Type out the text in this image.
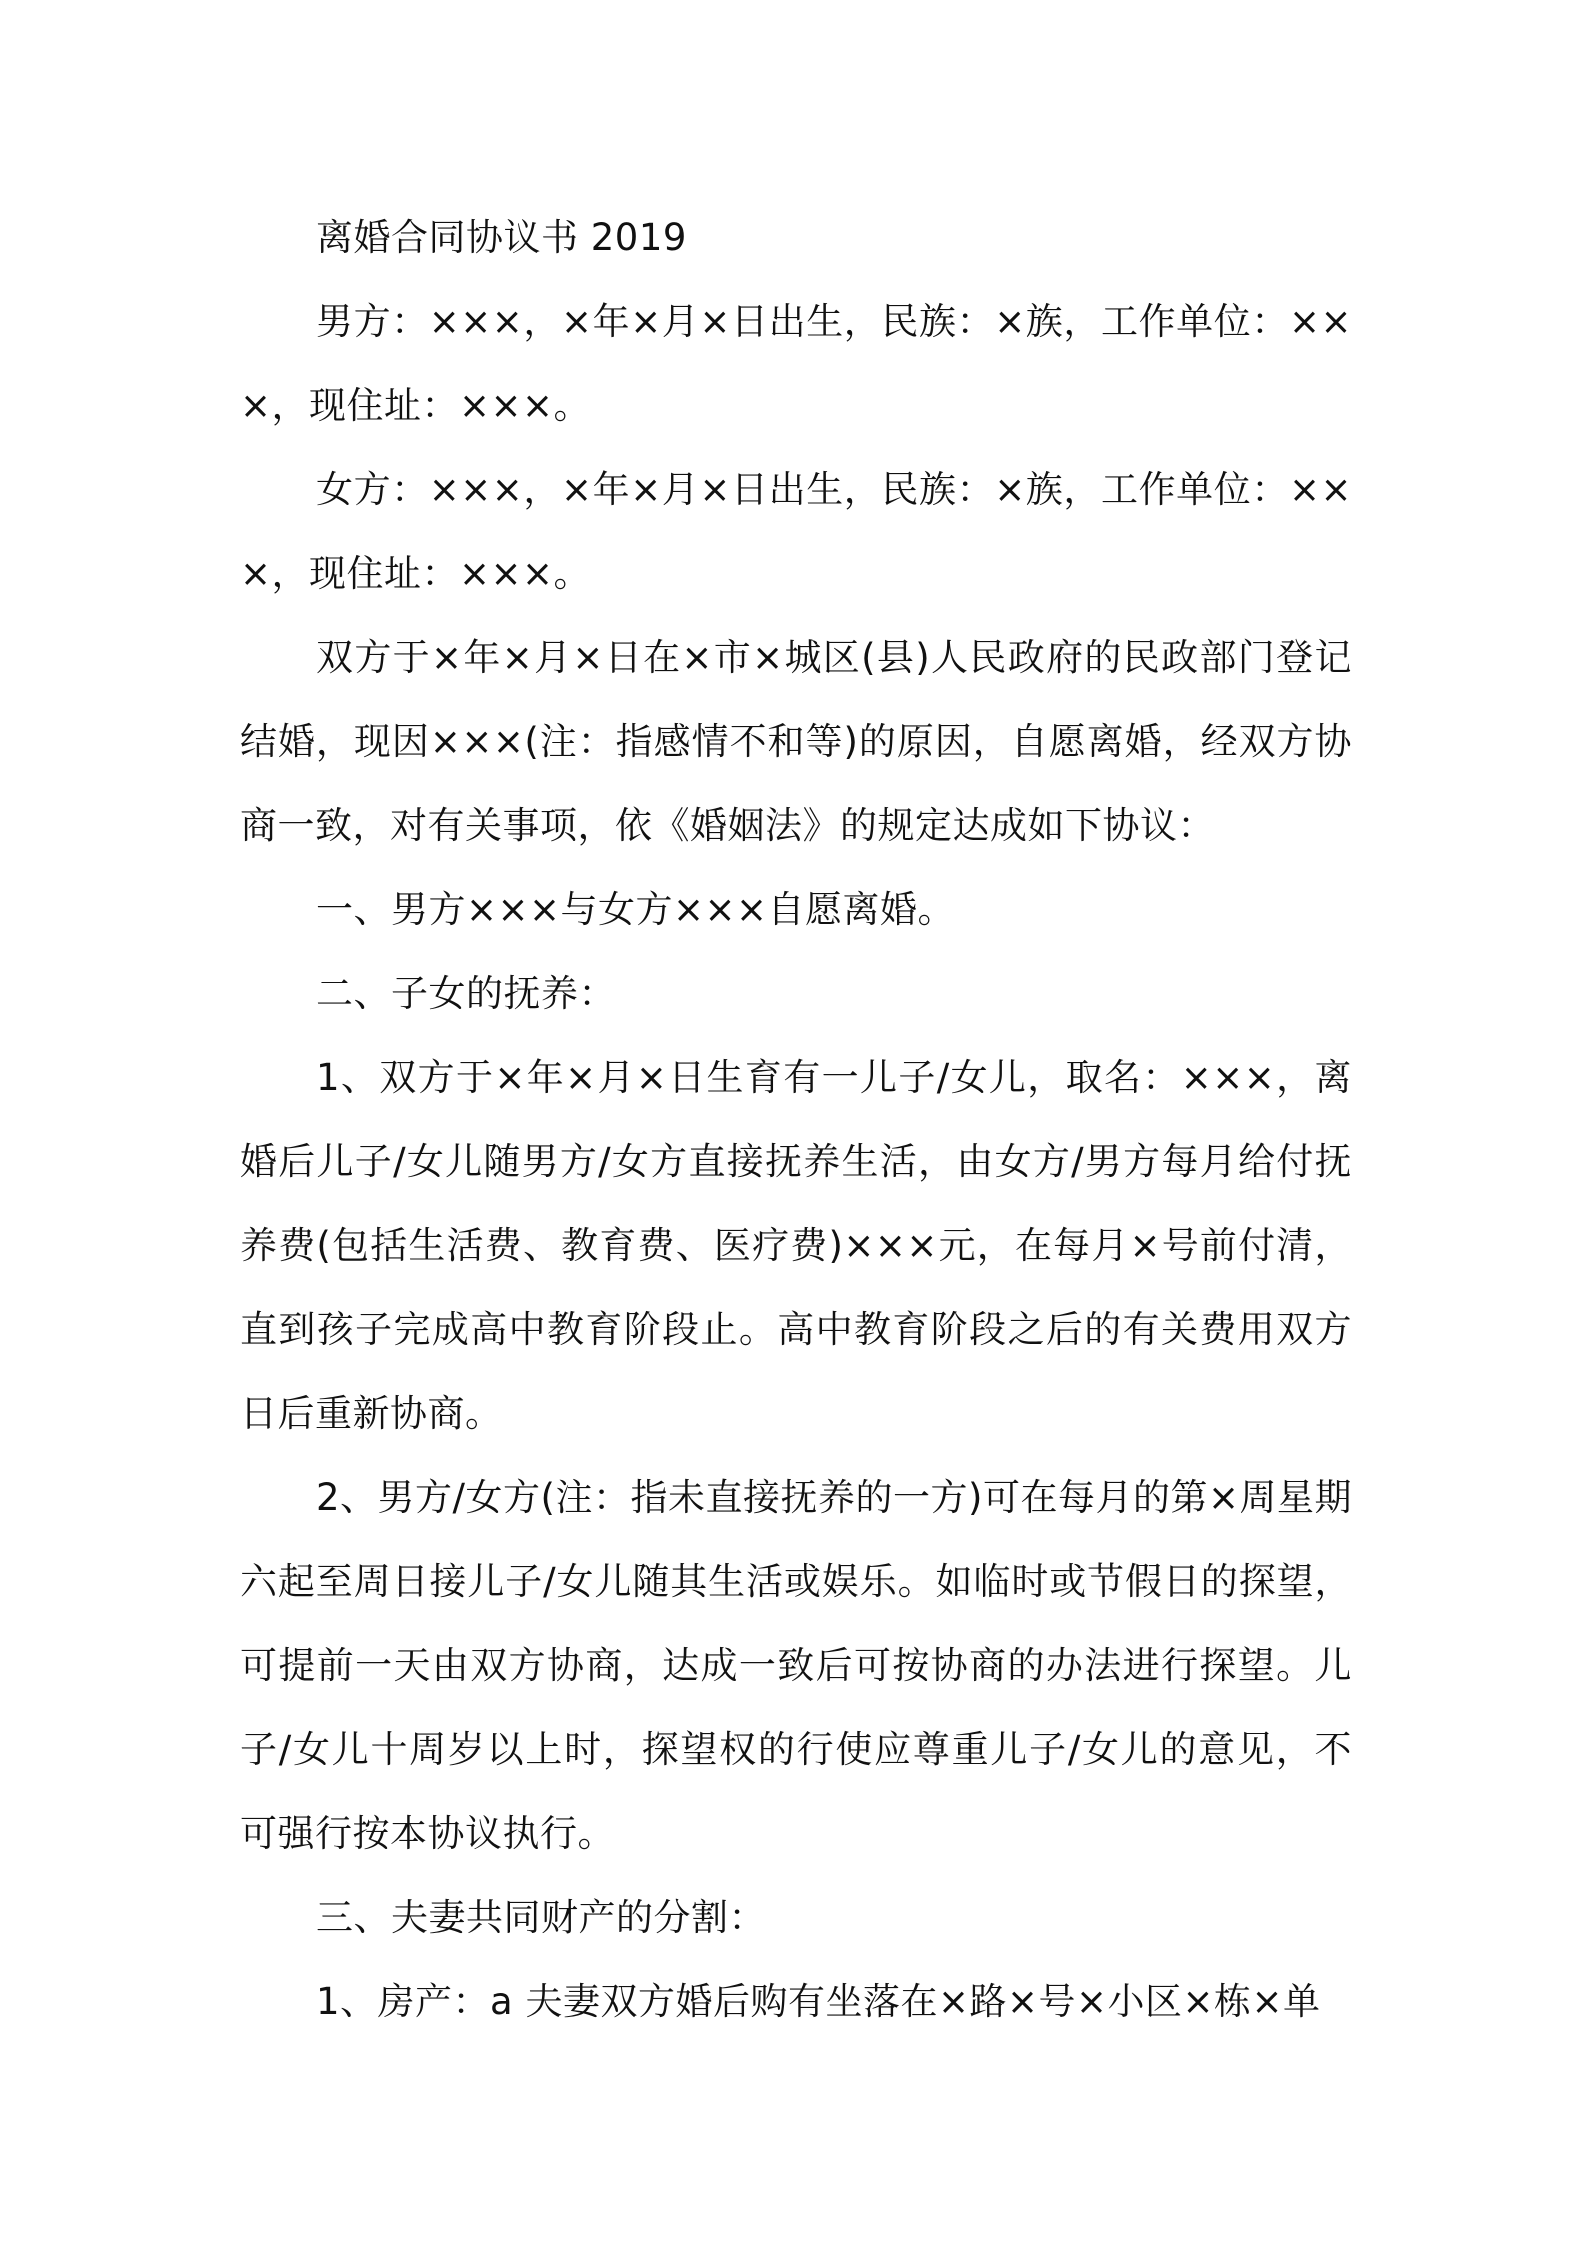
离婚合同协议书 2019

男方：×××，×年×月×日出生，民族：×族，工作单位：×××，现住址：×××。

女方：×××，×年×月×日出生，民族：×族，工作单位：×××，现住址：×××。

双方于×年×月×日在×市×城区(县)人民政府的民政部门登记结婚，现因×××(注：指感情不和等)的原因，自愿离婚，经双方协商一致，对有关事项，依《婚姻法》的规定达成如下协议：

一、男方×××与女方×××自愿离婚。

二、子女的抚养：

1、双方于×年×月×日生育有一儿子/女儿，取名：×××，离婚后儿子/女儿随男方/女方直接抚养生活，由女方/男方每月给付抚养费(包括生活费、教育费、医疗费)×××元，在每月×号前付清，直到孩子完成高中教育阶段止。高中教育阶段之后的有关费用双方日后重新协商。

2、男方/女方(注：指未直接抚养的一方)可在每月的第×周星期六起至周日接儿子/女儿随其生活或娱乐。如临时或节假日的探望，可提前一天由双方协商，达成一致后可按协商的办法进行探望。儿子/女儿十周岁以上时，探望权的行使应尊重儿子/女儿的意见，不可强行按本协议执行。

三、夫妻共同财产的分割：

1、房产：a 夫妻双方婚后购有坐落在×路×号×小区×栋×单
